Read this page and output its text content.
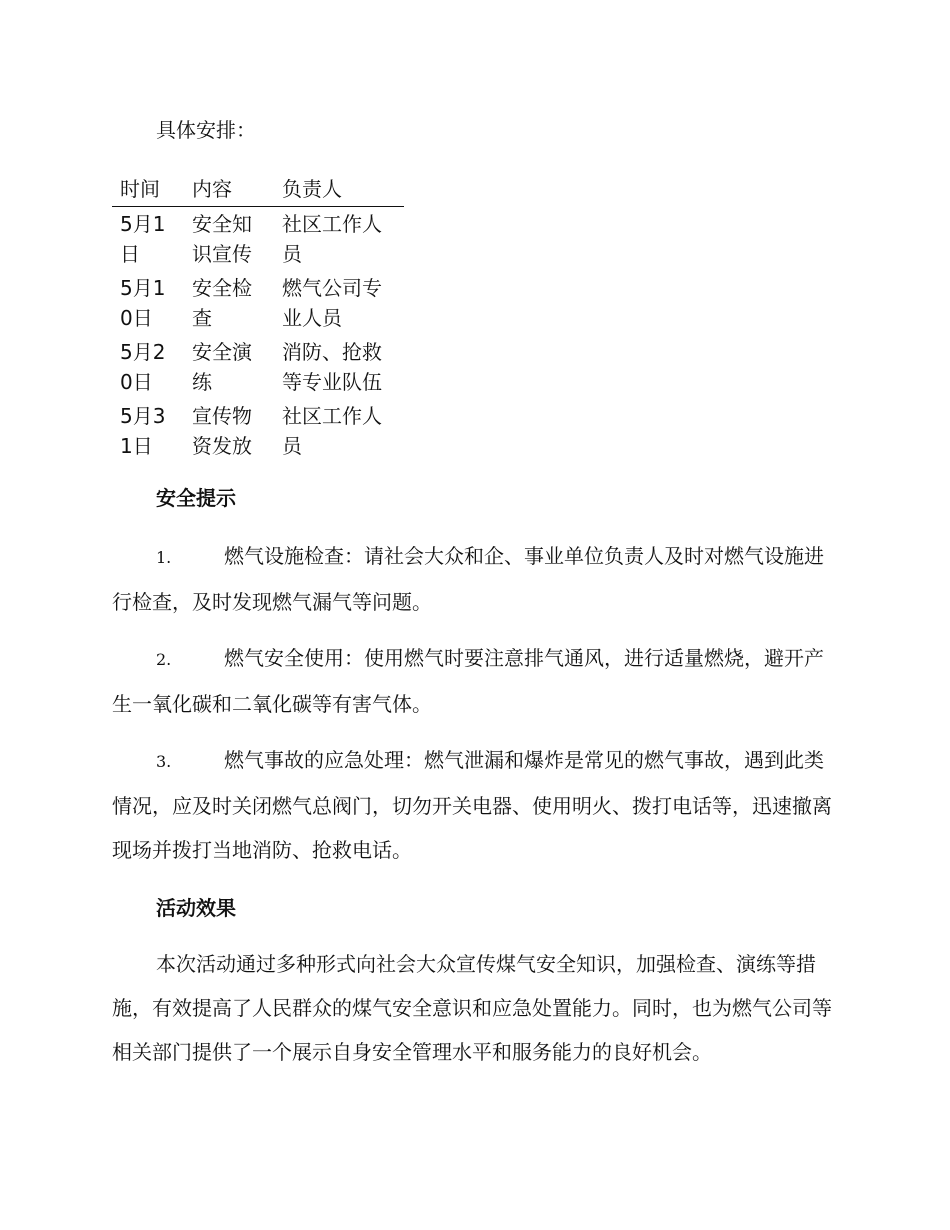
具体安排：
时间	内容	负责人

5月1日	安全知识宣传	社区工作人员

5月10日	安全检查	燃气公司专业人员

5月20日	安全演练	消防、抢救等专业队伍

5月31日	宣传物资发放	社区工作人员
安全提示
1.	燃气设施检查：请社会大众和企、事业单位负责人及时对燃气设施进行检查，及时发现燃气漏气等问题。
2.	燃气安全使用：使用燃气时要注意排气通风，进行适量燃烧，避开产生一氧化碳和二氧化碳等有害气体。
3.	燃气事故的应急处理：燃气泄漏和爆炸是常见的燃气事故，遇到此类情况，应及时关闭燃气总阀门，切勿开关电器、使用明火、拨打电话等，迅速撤离现场并拨打当地消防、抢救电话。
活动效果
本次活动通过多种形式向社会大众宣传煤气安全知识，加强检查、演练等措施，有效提高了人民群众的煤气安全意识和应急处置能力。同时，也为燃气公司等相关部门提供了一个展示自身安全管理水平和服务能力的良好机会。
